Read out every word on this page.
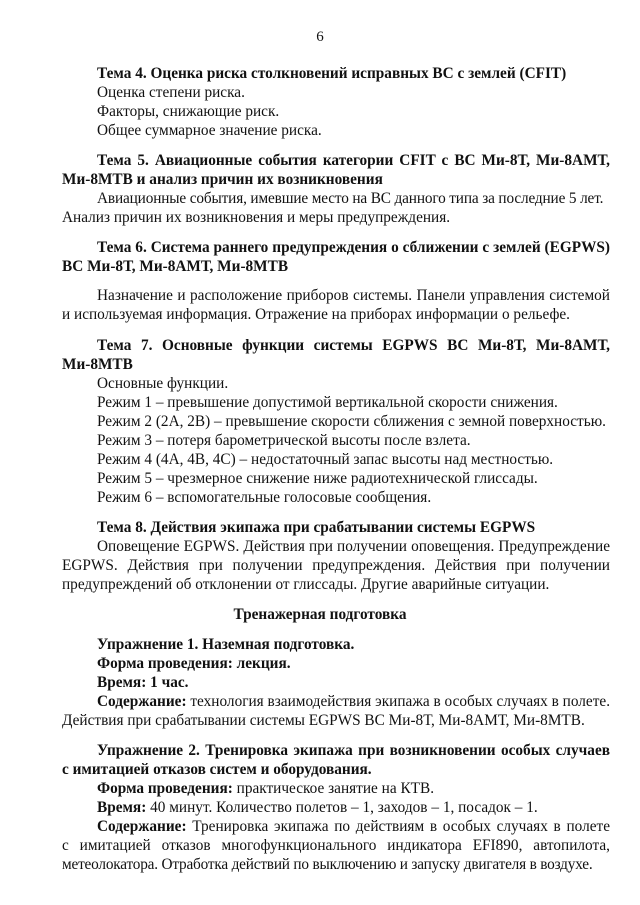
6
Тема 4. Оценка риска столкновений исправных ВС с землей (CFIT)
Оценка степени риска.
Факторы, снижающие риск.
Общее суммарное значение риска.
Тема 5. Авиационные события категории CFIT с ВС Ми-8Т, Ми-8АМТ,
Ми-8МТВ и анализ причин их возникновения
Авиационные события, имевшие место на ВС данного типа за последние 5 лет.
Анализ причин их возникновения и меры предупреждения.
Тема 6. Система раннего предупреждения о сближении с землей (EGPWS)
ВС Ми-8Т, Ми-8АМТ, Ми-8МТВ
Назначение и расположение приборов системы. Панели управления системой
и используемая информация. Отражение на приборах информации о рельефе.
Тема 7. Основные функции системы EGPWS ВС Ми-8Т, Ми-8АМТ,
Ми-8МТВ
Основные функции.
Режим 1 – превышение допустимой вертикальной скорости снижения.
Режим 2 (2А, 2В) – превышение скорости сближения с земной поверхностью.
Режим 3 – потеря барометрической высоты после взлета.
Режим 4 (4А, 4В, 4С) – недостаточный запас высоты над местностью.
Режим 5 – чрезмерное снижение ниже радиотехнической глиссады.
Режим 6 – вспомогательные голосовые сообщения.
Тема 8. Действия экипажа при срабатывании системы EGPWS
Оповещение EGPWS. Действия при получении оповещения. Предупреждение
EGPWS. Действия при получении предупреждения. Действия при получении
предупреждений об отклонении от глиссады. Другие аварийные ситуации.
Тренажерная подготовка
Упражнение 1. Наземная подготовка.
Форма проведения: лекция.
Время: 1 час.
Содержание: технология взаимодействия экипажа в особых случаях в полете.
Действия при срабатывании системы EGPWS ВС Ми-8Т, Ми-8АМТ, Ми-8МТВ.
Упражнение 2. Тренировка экипажа при возникновении особых случаев
с имитацией отказов систем и оборудования.
Форма проведения: практическое занятие на КТВ.
Время: 40 минут. Количество полетов – 1, заходов – 1, посадок – 1.
Содержание: Тренировка экипажа по действиям в особых случаях в полете
с имитацией отказов многофункционального индикатора EFI890, автопилота,
метеолокатора. Отработка действий по выключению и запуску двигателя в воздухе.
